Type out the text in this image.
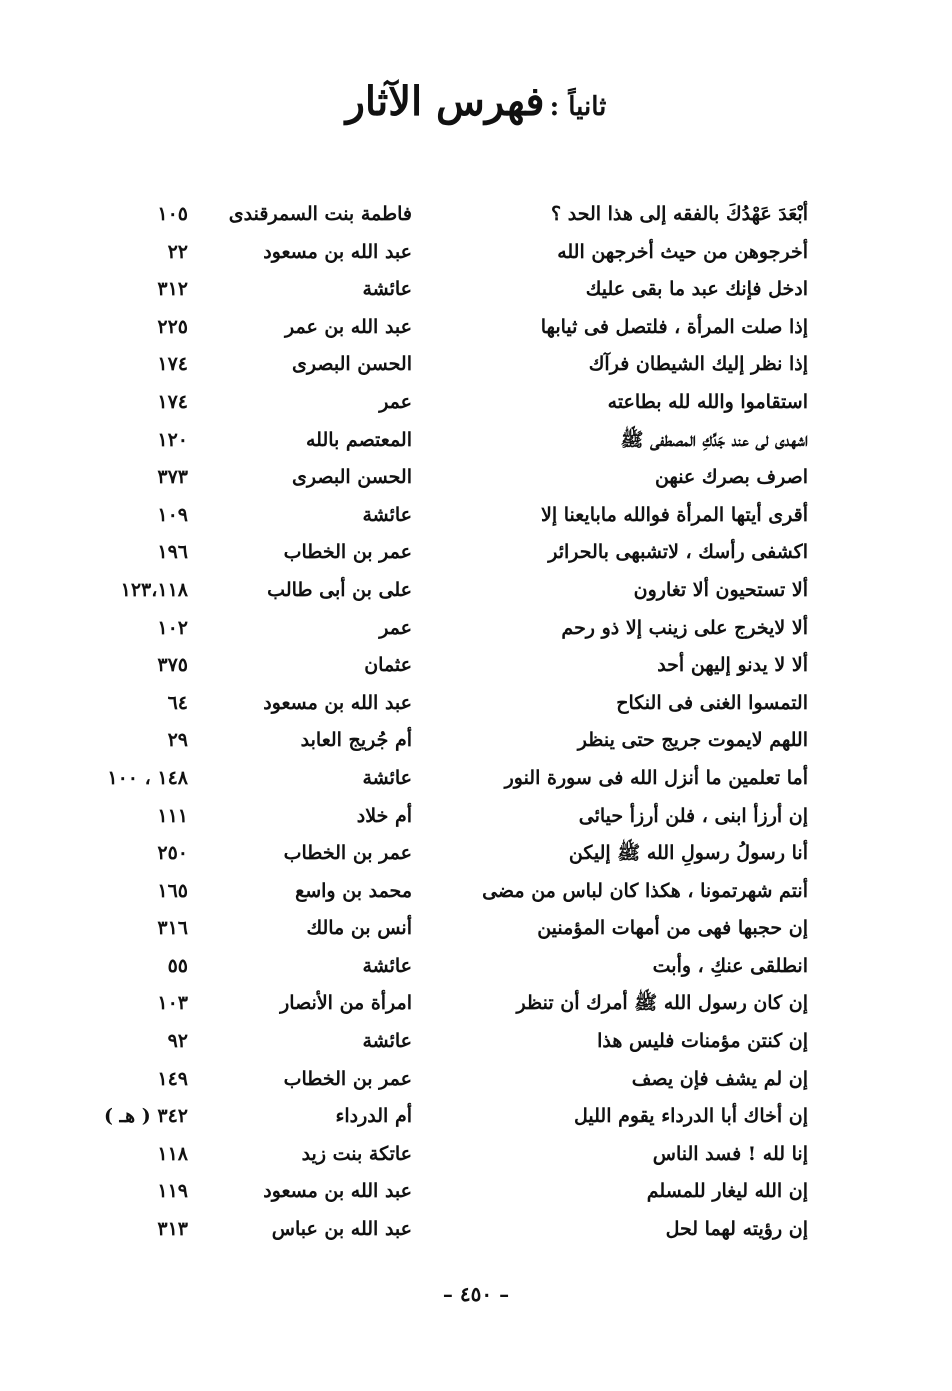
ثانياً : فهرس الآثار
أبْعَدَ عَهْدُكَ بالفقه إلى هذا الحد ؟
فاطمة بنت السمرقندى
١٠٥
أخرجوهن من حيث أخرجهن الله
عبد الله بن مسعود
٢٢
ادخل فإنك عبد ما بقى عليك
عائشة
٣١٢
إذا صلت المرأة ، فلتصل فى ثيابها
عبد الله بن عمر
٢٢٥
إذا نظر إليك الشيطان فرآك
الحسن البصرى
١٧٤
استقاموا والله لله بطاعته
عمر
١٧٤
اشهدى لى عند جَدِّكِ المصطفى ﷺ
المعتصم بالله
١٢٠
اصرف بصرك عنهن
الحسن البصرى
٣٧٣
أقرى أيتها المرأة فوالله مابايعنا إلا
عائشة
١٠٩
اكشفى رأسك ، لاتشبهى بالحرائر
عمر بن الخطاب
١٩٦
ألا تستحيون ألا تغارون
على بن أبى طالب
١٢٣،١١٨
ألا لايخرج على زينب إلا ذو رحم
عمر
١٠٢
ألا لا يدنو إليهن أحد
عثمان
٣٧٥
التمسوا الغنى فى النكاح
عبد الله بن مسعود
٦٤
اللهم لايموت جريج حتى ينظر
أم جُريج العابد
٢٩
أما تعلمين ما أنزل الله فى سورة النور
عائشة
١٤٨ ، ١٠٠
إن أرزأ ابنى ، فلن أرزأ حيائى
أم خلاد
١١١
أنا رسولُ رسولِ الله ﷺ إليكن
عمر بن الخطاب
٢٥٠
أنتم شهرتمونا ، هكذا كان لباس من مضى
محمد بن واسع
١٦٥
إن حجبها فهى من أمهات المؤمنين
أنس بن مالك
٣١٦
انطلقى عنكِ ، وأبت
عائشة
٥٥
إن كان رسول الله ﷺ أمرك أن تنظر
امرأة من الأنصار
١٠٣
إن كنتن مؤمنات فليس هذا
عائشة
٩٢
إن لم يشف فإن يصف
عمر بن الخطاب
١٤٩
إن أخاك أبا الدرداء يقوم الليل
أم الدرداء
٣٤٢ ( هـ )
إنا لله ! فسد الناس
عاتكة بنت زيد
١١٨
إن الله ليغار للمسلم
عبد الله بن مسعود
١١٩
إن رؤيته لهما لحل
عبد الله بن عباس
٣١٣
– ٤٥٠ –
